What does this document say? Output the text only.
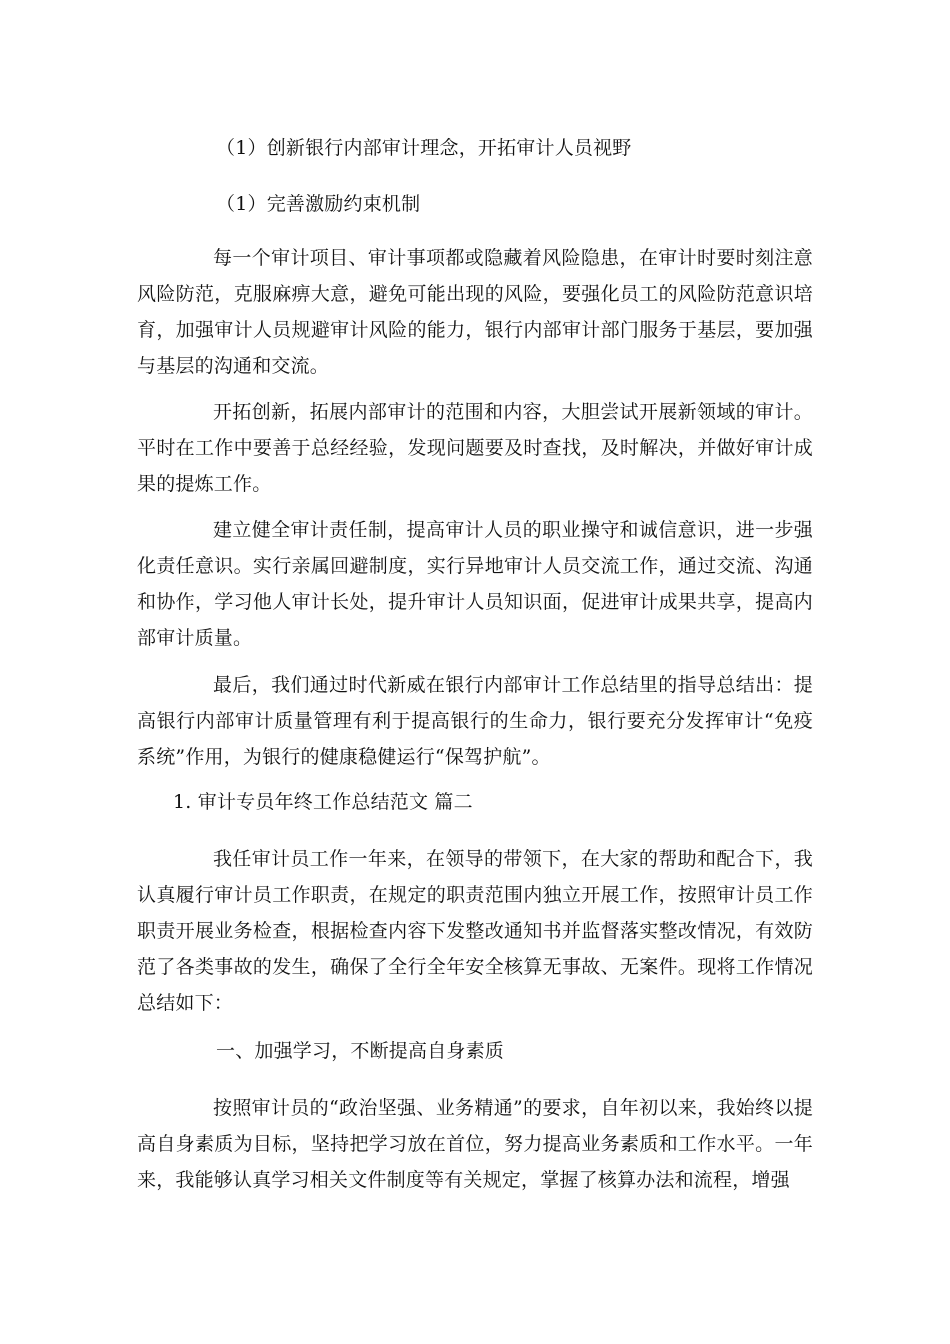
（1）创新银行内部审计理念，开拓审计人员视野

（1）完善激励约束机制

每一个审计项目、审计事项都或隐藏着风险隐患，在审计时要时刻注意风险防范，克服麻痹大意，避免可能出现的风险，要强化员工的风险防范意识培育，加强审计人员规避审计风险的能力，银行内部审计部门服务于基层，要加强与基层的沟通和交流。

开拓创新，拓展内部审计的范围和内容，大胆尝试开展新领域的审计。平时在工作中要善于总经经验，发现问题要及时查找，及时解决，并做好审计成果的提炼工作。

建立健全审计责任制，提高审计人员的职业操守和诚信意识，进一步强化责任意识。实行亲属回避制度，实行异地审计人员交流工作，通过交流、沟通和协作，学习他人审计长处，提升审计人员知识面，促进审计成果共享，提高内部审计质量。

最后，我们通过时代新威在银行内部审计工作总结里的指导总结出：提高银行内部审计质量管理有利于提高银行的生命力，银行要充分发挥审计“免疫系统”作用，为银行的健康稳健运行“保驾护航”。

1. 审计专员年终工作总结范文 篇二

我任审计员工作一年来，在领导的带领下，在大家的帮助和配合下，我认真履行审计员工作职责，在规定的职责范围内独立开展工作，按照审计员工作职责开展业务检查，根据检查内容下发整改通知书并监督落实整改情况，有效防范了各类事故的发生，确保了全行全年安全核算无事故、无案件。现将工作情况总结如下：

一、加强学习，不断提高自身素质

按照审计员的“政治坚强、业务精通”的要求，自年初以来，我始终以提高自身素质为目标，坚持把学习放在首位，努力提高业务素质和工作水平。一年来，我能够认真学习相关文件制度等有关规定，掌握了核算办法和流程，增强
